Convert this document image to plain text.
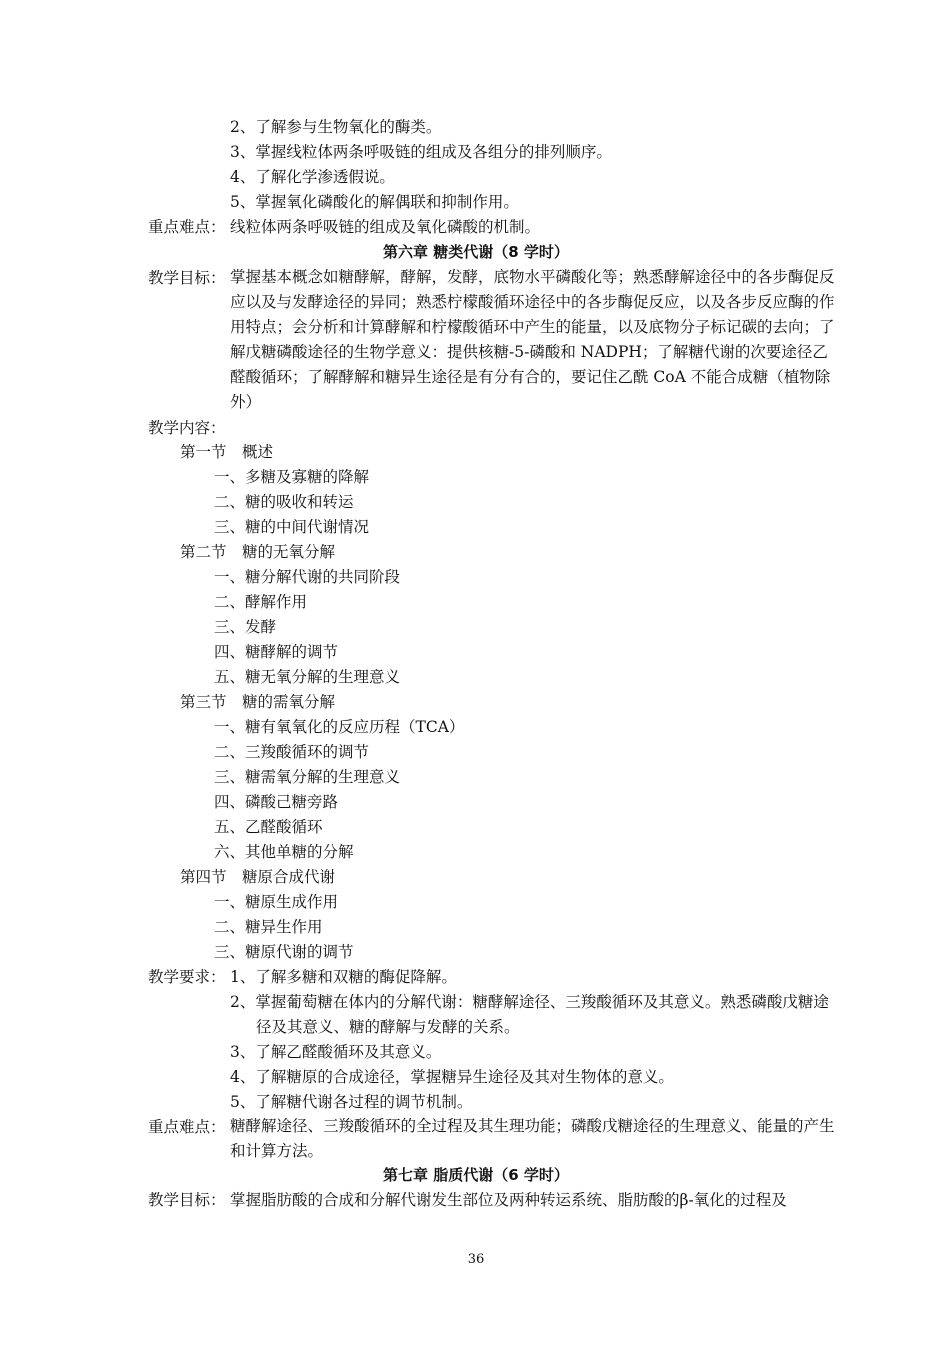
2、了解参与生物氧化的酶类。
3、掌握线粒体两条呼吸链的组成及各组分的排列顺序。
4、了解化学渗透假说。
5、掌握氧化磷酸化的解偶联和抑制作用。
重点难点： 线粒体两条呼吸链的组成及氧化磷酸的机制。
第六章 糖类代谢（8 学时）
教学目标： 掌握基本概念如糖酵解，酵解，发酵，底物水平磷酸化等；熟悉酵解途径中的各步酶促反应以及与发酵途径的异同；熟悉柠檬酸循环途径中的各步酶促反应，以及各步反应酶的作用特点；会分析和计算酵解和柠檬酸循环中产生的能量，以及底物分子标记碳的去向；了解戊糖磷酸途径的生物学意义：提供核糖-5-磷酸和 NADPH；了解糖代谢的次要途径乙醛酸循环；了解酵解和糖异生途径是有分有合的，要记住乙酰 CoA 不能合成糖（植物除外）
教学内容：
第一节　概述
一、多糖及寡糖的降解
二、糖的吸收和转运
三、糖的中间代谢情况
第二节　糖的无氧分解
一、糖分解代谢的共同阶段
二、酵解作用
三、发酵
四、糖酵解的调节
五、糖无氧分解的生理意义
第三节　糖的需氧分解
一、糖有氧氧化的反应历程（TCA）
二、三羧酸循环的调节
三、糖需氧分解的生理意义
四、磷酸己糖旁路
五、乙醛酸循环
六、其他单糖的分解
第四节　糖原合成代谢
一、糖原生成作用
二、糖异生作用
三、糖原代谢的调节
教学要求： 1、了解多糖和双糖的酶促降解。
2、掌握葡萄糖在体内的分解代谢：糖酵解途径、三羧酸循环及其意义。熟悉磷酸戊糖途径及其意义、糖的酵解与发酵的关系。
3、了解乙醛酸循环及其意义。
4、了解糖原的合成途径，掌握糖异生途径及其对生物体的意义。
5、了解糖代谢各过程的调节机制。
重点难点： 糖酵解途径、三羧酸循环的全过程及其生理功能；磷酸戊糖途径的生理意义、能量的产生和计算方法。
第七章 脂质代谢（6 学时）
教学目标： 掌握脂肪酸的合成和分解代谢发生部位及两种转运系统、脂肪酸的β-氧化的过程及
36
